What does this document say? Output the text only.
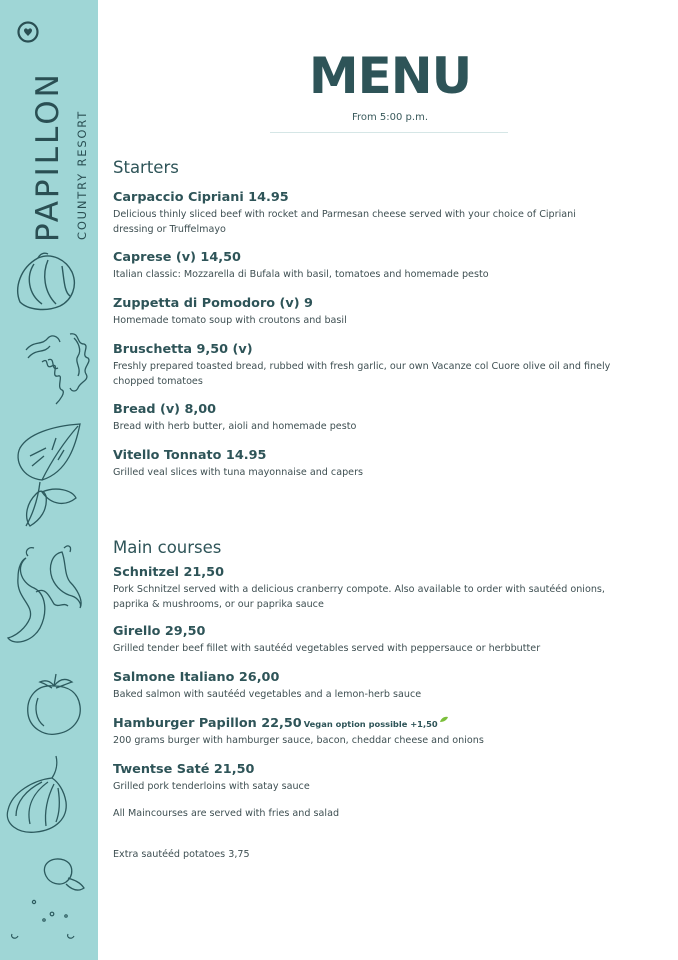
PAPILLON COUNTRY RESORT
MENU
From 5:00 p.m.
Starters
Carpaccio Cipriani 14.95
Delicious thinly sliced beef with rocket and Parmesan cheese served with your choice of Cipriani dressing or Truffelmayo
Caprese (v) 14,50
Italian classic: Mozzarella di Bufala with basil, tomatoes and homemade pesto
Zuppetta di Pomodoro (v) 9
Homemade tomato soup with croutons and basil
Bruschetta 9,50 (v)
Freshly prepared toasted bread, rubbed with fresh garlic, our own Vacanze col Cuore olive oil and finely chopped tomatoes
Bread (v) 8,00
Bread with herb butter, aioli and homemade pesto
Vitello Tonnato 14.95
Grilled veal slices with tuna mayonnaise and capers
Main courses
Schnitzel 21,50
Pork Schnitzel served with a delicious cranberry compote. Also available to order with sautééd onions, paprika & mushrooms, or our paprika sauce
Girello 29,50
Grilled tender beef fillet with sautééd vegetables served with peppersauce or herbbutter
Salmone Italiano 26,00
Baked salmon with sautééd vegetables and a lemon-herb sauce
Hamburger Papillon 22,50 Vegan option possible +1,50
200 grams burger with hamburger sauce, bacon, cheddar cheese and onions
Twentse Saté 21,50
Grilled pork tenderloins with satay sauce
All Maincourses are served with fries and salad
Extra sautééd potatoes 3,75
